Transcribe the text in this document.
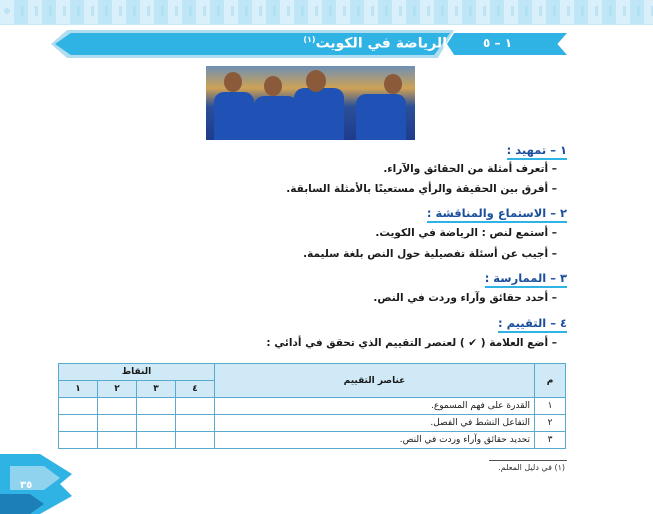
الرياضة في الكويت$^{(١)}$	١ – ٥
١ – تمهيد :
– أتعرف أمثلة من الحقائق والآراء.
– أفرق بين الحقيقة والرأي مستعينًا بالأمثلة السابقة.
٢ – الاستماع والمناقشة :
– أستمع لنص : الرياضة في الكويت.
– أجيب عن أسئلة تفصيلية حول النص بلغة سليمة.
٣ – الممارسة :
– أحدد حقائق وآراء وردت في النص.
٤ – التقييم :
– أضع العلامة ( ✔ ) لعنصر التقييم الذي تحقق في أدائي :
م	عناصر التقييم	النقاط			
		٤	٣	٢	١
١	القدرة على فهم المسموع.				
٢	التفاعل النشط في الفصل.				
٣	تحديد حقائق وآراء وردت في النص.				
(١) في دليل المعلم.
٣٥
